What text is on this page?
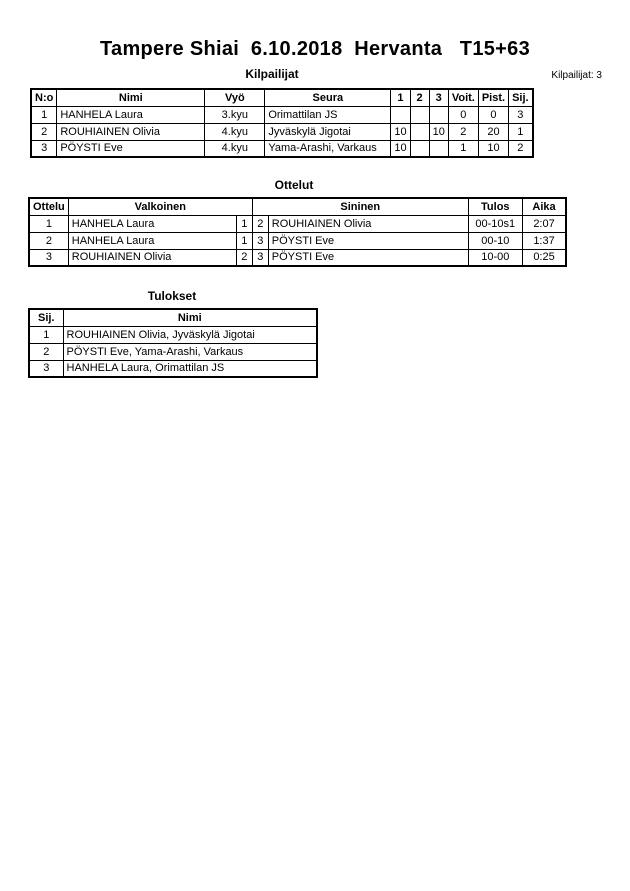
Tampere Shiai  6.10.2018  Hervanta   T15+63
Kilpailijat	Kilpailijat: 3
N:o	Nimi	Vyö	Seura	1	2	3	Voit.	Pist.	Sij.
1	HANHELA Laura	3.kyu	Orimattilan JS				0	0	3
2	ROUHIAINEN Olivia	4.kyu	Jyväskylä Jigotai	10		10	2	20	1
3	PÖYSTI Eve	4.kyu	Yama-Arashi, Varkaus	10			1	10	2
Ottelut
Ottelu	Valkoinen		Sininen		Tulos	Aika
1	HANHELA Laura	1	2	ROUHIAINEN Olivia	00-10s1	2:07
2	HANHELA Laura	1	3	PÖYSTI Eve	00-10	1:37
3	ROUHIAINEN Olivia	2	3	PÖYSTI Eve	10-00	0:25
Tulokset
Sij.	Nimi
1	ROUHIAINEN Olivia, Jyväskylä Jigotai
2	PÖYSTI Eve, Yama-Arashi, Varkaus
3	HANHELA Laura, Orimattilan JS
